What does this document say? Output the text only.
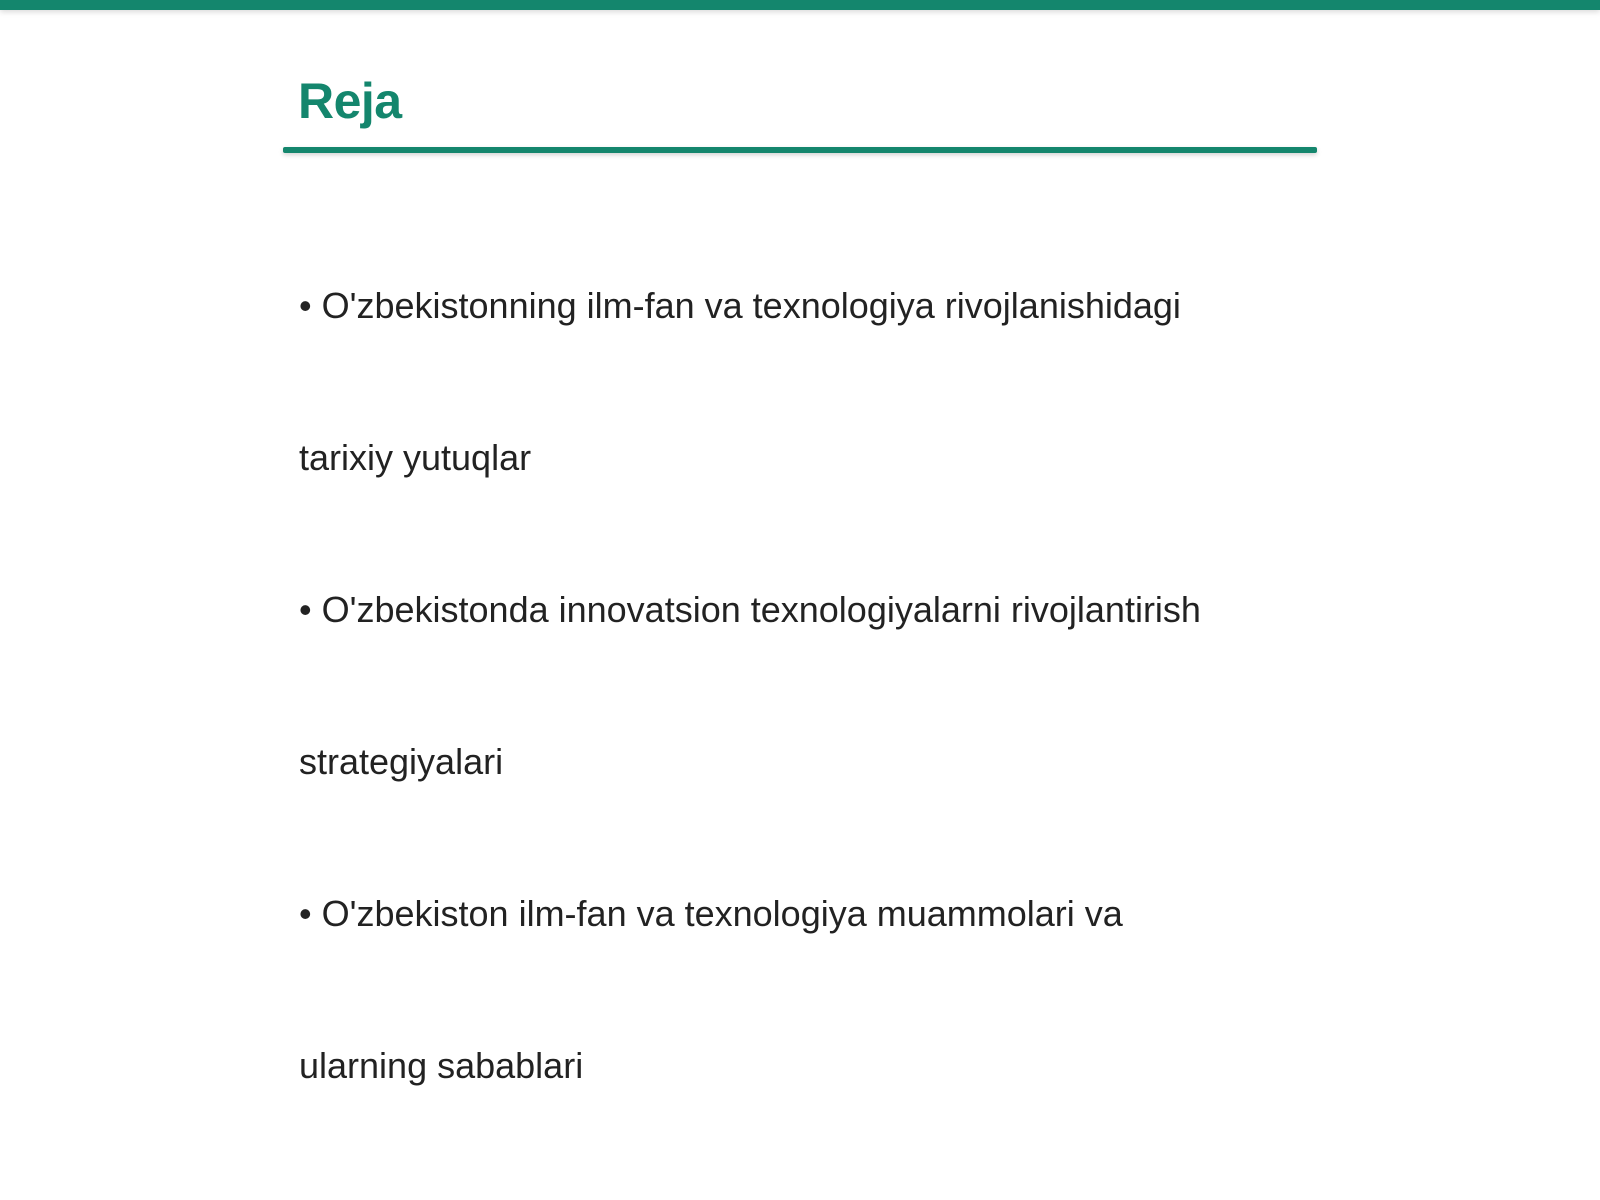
Reja

• O'zbekistonning ilm-fan va texnologiya rivojlanishidagi

tarixiy yutuqlar

• O'zbekistonda innovatsion texnologiyalarni rivojlantirish

strategiyalari

• O'zbekiston ilm-fan va texnologiya muammolari va

ularning sabablari
